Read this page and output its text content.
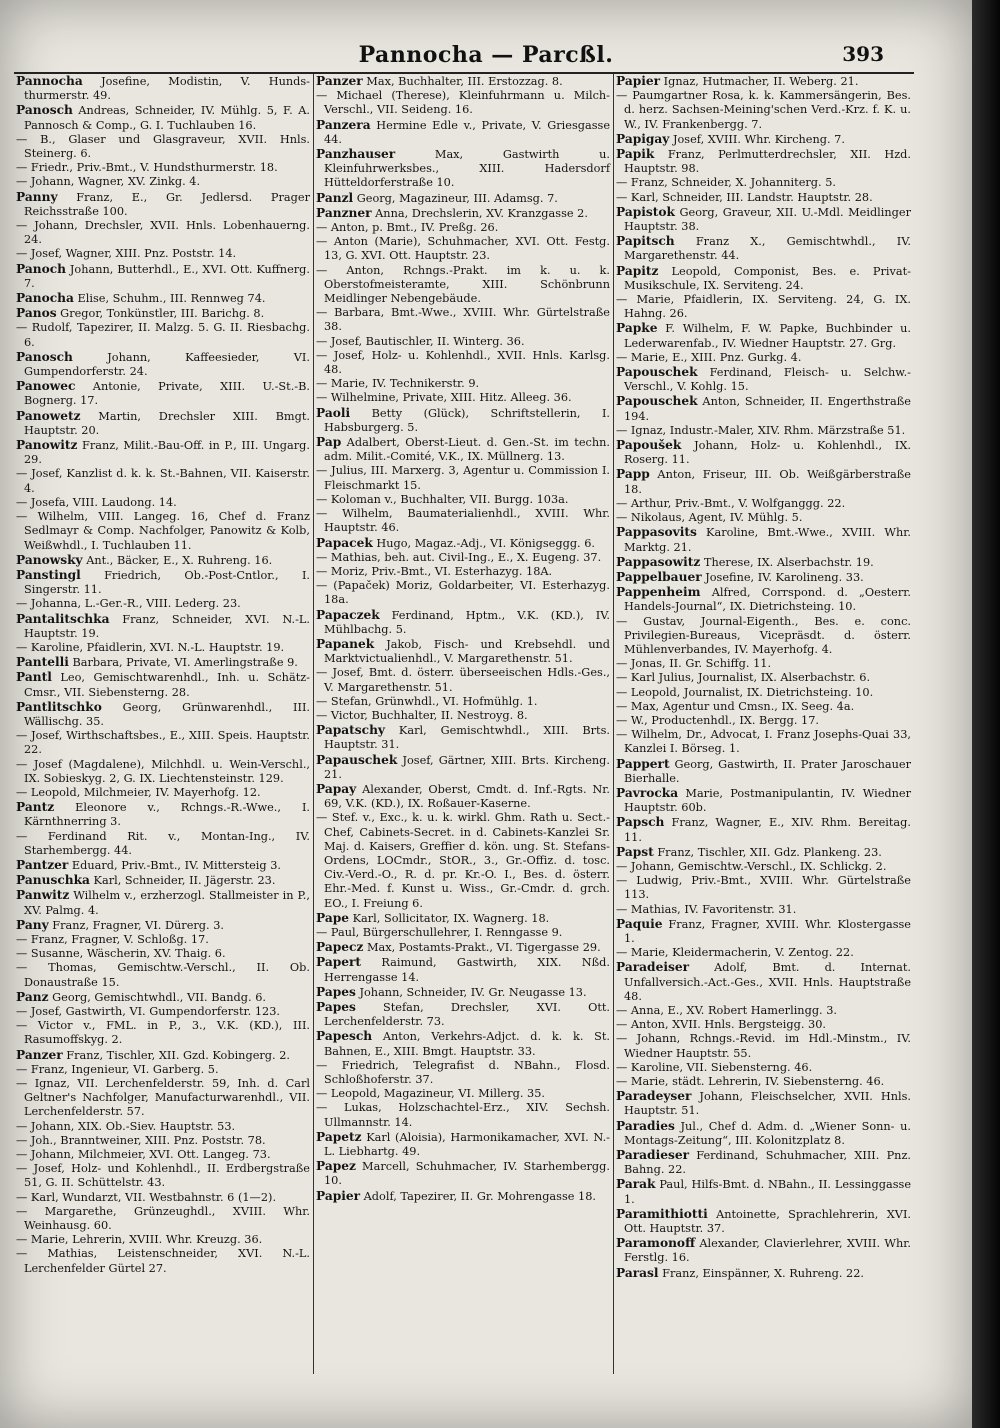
Pannocha — Parcßl.	393
Pannocha Josefine, Modistin, V. Hunds-thurmerstr. 49.
Panosch Andreas, Schneider, IV. Mühlg. 5, F. A. Pannosch & Comp., G. I. Tuchlauben 16.
— B., Glaser und Glasgraveur, XVII. Hnls. Steinerg. 6.
— Friedr., Priv.-Bmt., V. Hundsthurmerstr. 18.
— Johann, Wagner, XV. Zinkg. 4.
Panny Franz, E., Gr. Jedlersd. Prager Reichsstraße 100.
— Johann, Drechsler, XVII. Hnls. Lobenhauerng. 24.
— Josef, Wagner, XIII. Pnz. Poststr. 14.
Panoch Johann, Butterhdl., E., XVI. Ott. Kuffnerg. 7.
Panocha Elise, Schuhm., III. Rennweg 74.
Panos Gregor, Tonkünstler, III. Barichg. 8.
— Rudolf, Tapezirer, II. Malzg. 5. G. II. Riesbachg. 6.
Panosch Johann, Kaffeesieder, VI. Gumpendorferstr. 24.
Panowec Antonie, Private, XIII. U.-St.-B. Bognerg. 17.
Panowetz Martin, Drechsler XIII. Bmgt. Hauptstr. 20.
Panowitz Franz, Milit.-Bau-Off. in P., III. Ungarg. 29.
— Josef, Kanzlist d. k. k. St.-Bahnen, VII. Kaiserstr. 4.
— Josefa, VIII. Laudong. 14.
— Wilhelm, VIII. Langeg. 16, Chef d. Franz Sedlmayr & Comp. Nachfolger, Panowitz & Kolb, Weißwhdl., I. Tuchlauben 11.
Panowsky Ant., Bäcker, E., X. Ruhreng. 16.
Panstingl Friedrich, Ob.-Post-Cntlor., I. Singerstr. 11.
— Johanna, L.-Ger.-R., VIII. Lederg. 23.
Pantalitschka Franz, Schneider, XVI. N.-L. Hauptstr. 19.
— Karoline, Pfaidlerin, XVI. N.-L. Hauptstr. 19.
Pantelli Barbara, Private, VI. Amerlingstraße 9.
Pantl Leo, Gemischtwarenhdl., Inh. u. Schätz-Cmsr., VII. Siebensterng. 28.
Pantlitschko Georg, Grünwarenhdl., III. Wällischg. 35.
— Josef, Wirthschaftsbes., E., XIII. Speis. Hauptstr. 22.
— Josef (Magdalene), Milchhdl. u. Wein-Verschl., IX. Sobieskyg. 2, G. IX. Liechtensteinstr. 129.
— Leopold, Milchmeier, IV. Mayerhofg. 12.
Pantz Eleonore v., Rchngs.-R.-Wwe., I. Kärnthnerring 3.
— Ferdinand Rit. v., Montan-Ing., IV. Starhembergg. 44.
Pantzer Eduard, Priv.-Bmt., IV. Mittersteig 3.
Panuschka Karl, Schneider, II. Jägerstr. 23.
Panwitz Wilhelm v., erzherzogl. Stallmeister in P., XV. Palmg. 4.
Pany Franz, Fragner, VI. Dürerg. 3.
— Franz, Fragner, V. Schloßg. 17.
— Susanne, Wäscherin, XV. Thaig. 6.
— Thomas, Gemischtw.-Verschl., II. Ob. Donaustraße 15.
Panz Georg, Gemischtwhdl., VII. Bandg. 6.
— Josef, Gastwirth, VI. Gumpendorferstr. 123.
— Victor v., FML. in P., 3., V.K. (KD.), III. Rasumoffskyg. 2.
Panzer Franz, Tischler, XII. Gzd. Kobingerg. 2.
— Franz, Ingenieur, VI. Garberg. 5.
— Ignaz, VII. Lerchenfelderstr. 59, Inh. d. Carl Geltner's Nachfolger, Manufacturwarenhdl., VII. Lerchenfelderstr. 57.
— Johann, XIX. Ob.-Siev. Hauptstr. 53.
— Joh., Branntweiner, XIII. Pnz. Poststr. 78.
— Johann, Milchmeier, XVI. Ott. Langeg. 73.
— Josef, Holz- und Kohlenhdl., II. Erdbergstraße 51, G. II. Schüttelstr. 43.
— Karl, Wundarzt, VII. Westbahnstr. 6 (1—2).
— Margarethe, Grünzeughdl., XVIII. Whr. Weinhausg. 60.
— Marie, Lehrerin, XVIII. Whr. Kreuzg. 36.
— Mathias, Leistenschneider, XVI. N.-L. Lerchenfelder Gürtel 27.
Panzer Max, Buchhalter, III. Erstozzag. 8.
— Michael (Therese), Kleinfuhrmann u. Milch-Verschl., VII. Seideng. 16.
Panzera Hermine Edle v., Private, V. Griesgasse 44.
Panzhauser Max, Gastwirth u. Kleinfuhrwerksbes., XIII. Hadersdorf Hütteldorferstraße 10.
Panzl Georg, Magazineur, III. Adamsg. 7.
Panzner Anna, Drechslerin, XV. Kranzgasse 2.
— Anton, p. Bmt., IV. Preßg. 26.
— Anton (Marie), Schuhmacher, XVI. Ott. Festg. 13, G. XVI. Ott. Hauptstr. 23.
— Anton, Rchngs.-Prakt. im k. u. k. Oberstofmeisteramte, XIII. Schönbrunn Meidlinger Nebengebäude.
— Barbara, Bmt.-Wwe., XVIII. Whr. Gürtelstraße 38.
— Josef, Bautischler, II. Winterg. 36.
— Josef, Holz- u. Kohlenhdl., XVII. Hnls. Karlsg. 48.
— Marie, IV. Technikerstr. 9.
— Wilhelmine, Private, XIII. Hitz. Alleeg. 36.
Paoli Betty (Glück), Schriftstellerin, I. Habsburgerg. 5.
Pap Adalbert, Oberst-Lieut. d. Gen.-St. im techn. adm. Milit.-Comité, V.K., IX. Müllnerg. 13.
— Julius, III. Marxerg. 3, Agentur u. Commission I. Fleischmarkt 15.
— Koloman v., Buchhalter, VII. Burgg. 103a.
— Wilhelm, Baumaterialienhdl., XVIII. Whr. Hauptstr. 46.
Papacek Hugo, Magaz.-Adj., VI. Königseggg. 6.
— Mathias, beh. aut. Civil-Ing., E., X. Eugeng. 37.
— Moriz, Priv.-Bmt., VI. Esterhazyg. 18A.
— (Papaček) Moriz, Goldarbeiter, VI. Esterhazyg. 18a.
Papaczek Ferdinand, Hptm., V.K. (KD.), IV. Mühlbachg. 5.
Papanek Jakob, Fisch- und Krebsehdl. und Marktvictualienhdl., V. Margarethenstr. 51.
— Josef, Bmt. d. österr. überseeischen Hdls.-Ges., V. Margarethenstr. 51.
— Stefan, Grünwhdl., VI. Hofmühlg. 1.
— Victor, Buchhalter, II. Nestroyg. 8.
Papatschy Karl, Gemischtwhdl., XIII. Brts. Hauptstr. 31.
Papauschek Josef, Gärtner, XIII. Brts. Kircheng. 21.
Papay Alexander, Oberst, Cmdt. d. Inf.-Rgts. Nr. 69, V.K. (KD.), IX. Roßauer-Kaserne.
— Stef. v., Exc., k. u. k. wirkl. Ghm. Rath u. Sect.-Chef, Cabinets-Secret. in d. Cabinets-Kanzlei Sr. Maj. d. Kaisers, Greffier d. kön. ung. St. Stefans-Ordens, LOCmdr., StOR., 3., Gr.-Offiz. d. tosc. Civ.-Verd.-O., R. d. pr. Kr.-O. I., Bes. d. österr. Ehr.-Med. f. Kunst u. Wiss., Gr.-Cmdr. d. grch. EO., I. Freiung 6.
Pape Karl, Sollicitator, IX. Wagnerg. 18.
— Paul, Bürgerschullehrer, I. Renngasse 9.
Papecz Max, Postamts-Prakt., VI. Tigergasse 29.
Papert Raimund, Gastwirth, XIX. Nßd. Herrengasse 14.
Papes Johann, Schneider, IV. Gr. Neugasse 13.
Papes Stefan, Drechsler, XVI. Ott. Lerchenfelderstr. 73.
Papesch Anton, Verkehrs-Adjct. d. k. k. St. Bahnen, E., XIII. Bmgt. Hauptstr. 33.
— Friedrich, Telegrafist d. NBahn., Flosd. Schloßhoferstr. 37.
— Leopold, Magazineur, VI. Millerg. 35.
— Lukas, Holzschachtel-Erz., XIV. Sechsh. Ullmannstr. 14.
Papetz Karl (Aloisia), Harmonikamacher, XVI. N.-L. Liebhartg. 49.
Papez Marcell, Schuhmacher, IV. Starhembergg. 10.
Papier Adolf, Tapezirer, II. Gr. Mohrengasse 18.
Papier Ignaz, Hutmacher, II. Weberg. 21.
— Paumgartner Rosa, k. k. Kammersängerin, Bes. d. herz. Sachsen-Meining'schen Verd.-Krz. f. K. u. W., IV. Frankenbergg. 7.
Papigay Josef, XVIII. Whr. Kircheng. 7.
Papik Franz, Perlmutterdrechsler, XII. Hzd. Hauptstr. 98.
— Franz, Schneider, X. Johanniterg. 5.
— Karl, Schneider, III. Landstr. Hauptstr. 28.
Papistok Georg, Graveur, XII. U.-Mdl. Meidlinger Hauptstr. 38.
Papitsch Franz X., Gemischtwhdl., IV. Margarethenstr. 44.
Papitz Leopold, Componist, Bes. e. Privat-Musikschule, IX. Serviteng. 24.
— Marie, Pfaidlerin, IX. Serviteng. 24, G. IX. Hahng. 26.
Papke F. Wilhelm, F. W. Papke, Buchbinder u. Lederwarenfab., IV. Wiedner Hauptstr. 27. Grg.
— Marie, E., XIII. Pnz. Gurkg. 4.
Papouschek Ferdinand, Fleisch- u. Selchw.-Verschl., V. Kohlg. 15.
Papouschek Anton, Schneider, II. Engerthstraße 194.
— Ignaz, Industr.-Maler, XIV. Rhm. Märzstraße 51.
Papoušek Johann, Holz- u. Kohlenhdl., IX. Roserg. 11.
Papp Anton, Friseur, III. Ob. Weißgärberstraße 18.
— Arthur, Priv.-Bmt., V. Wolfganggg. 22.
— Nikolaus, Agent, IV. Mühlg. 5.
Pappasovits Karoline, Bmt.-Wwe., XVIII. Whr. Marktg. 21.
Pappasowitz Therese, IX. Alserbachstr. 19.
Pappelbauer Josefine, IV. Karolineng. 33.
Pappenheim Alfred, Corrspond. d. „Oesterr. Handels-Journal“, IX. Dietrichsteing. 10.
— Gustav, Journal-Eigenth., Bes. e. conc. Privilegien-Bureaus, Vicepräsdt. d. österr. Mühlenverbandes, IV. Mayerhofg. 4.
— Jonas, II. Gr. Schiffg. 11.
— Karl Julius, Journalist, IX. Alserbachstr. 6.
— Leopold, Journalist, IX. Dietrichsteing. 10.
— Max, Agentur und Cmsn., IX. Seeg. 4a.
— W., Productenhdl., IX. Bergg. 17.
— Wilhelm, Dr., Advocat, I. Franz Josephs-Quai 33, Kanzlei I. Börseg. 1.
Pappert Georg, Gastwirth, II. Prater Jaroschauer Bierhalle.
Pavrocka Marie, Postmanipulantin, IV. Wiedner Hauptstr. 60b.
Papsch Franz, Wagner, E., XIV. Rhm. Bereitag. 11.
Papst Franz, Tischler, XII. Gdz. Plankeng. 23.
— Johann, Gemischtw.-Verschl., IX. Schlickg. 2.
— Ludwig, Priv.-Bmt., XVIII. Whr. Gürtelstraße 113.
— Mathias, IV. Favoritenstr. 31.
Paquie Franz, Fragner, XVIII. Whr. Klostergasse 1.
— Marie, Kleidermacherin, V. Zentog. 22.
Paradeiser Adolf, Bmt. d. Internat. Unfallversich.-Act.-Ges., XVII. Hnls. Hauptstraße 48.
— Anna, E., XV. Robert Hamerlingg. 3.
— Anton, XVII. Hnls. Bergsteigg. 30.
— Johann, Rchngs.-Revid. im Hdl.-Minstm., IV. Wiedner Hauptstr. 55.
— Karoline, VII. Siebensterng. 46.
— Marie, städt. Lehrerin, IV. Siebensterng. 46.
Paradeyser Johann, Fleischselcher, XVII. Hnls. Hauptstr. 51.
Paradies Jul., Chef d. Adm. d. „Wiener Sonn- u. Montags-Zeitung“, III. Kolonitzplatz 8.
Paradieser Ferdinand, Schuhmacher, XIII. Pnz. Bahng. 22.
Parak Paul, Hilfs-Bmt. d. NBahn., II. Lessinggasse 1.
Paramithiotti Antoinette, Sprachlehrerin, XVI. Ott. Hauptstr. 37.
Paramonoff Alexander, Clavierlehrer, XVIII. Whr. Ferstlg. 16.
Parasl Franz, Einspänner, X. Ruhreng. 22.
